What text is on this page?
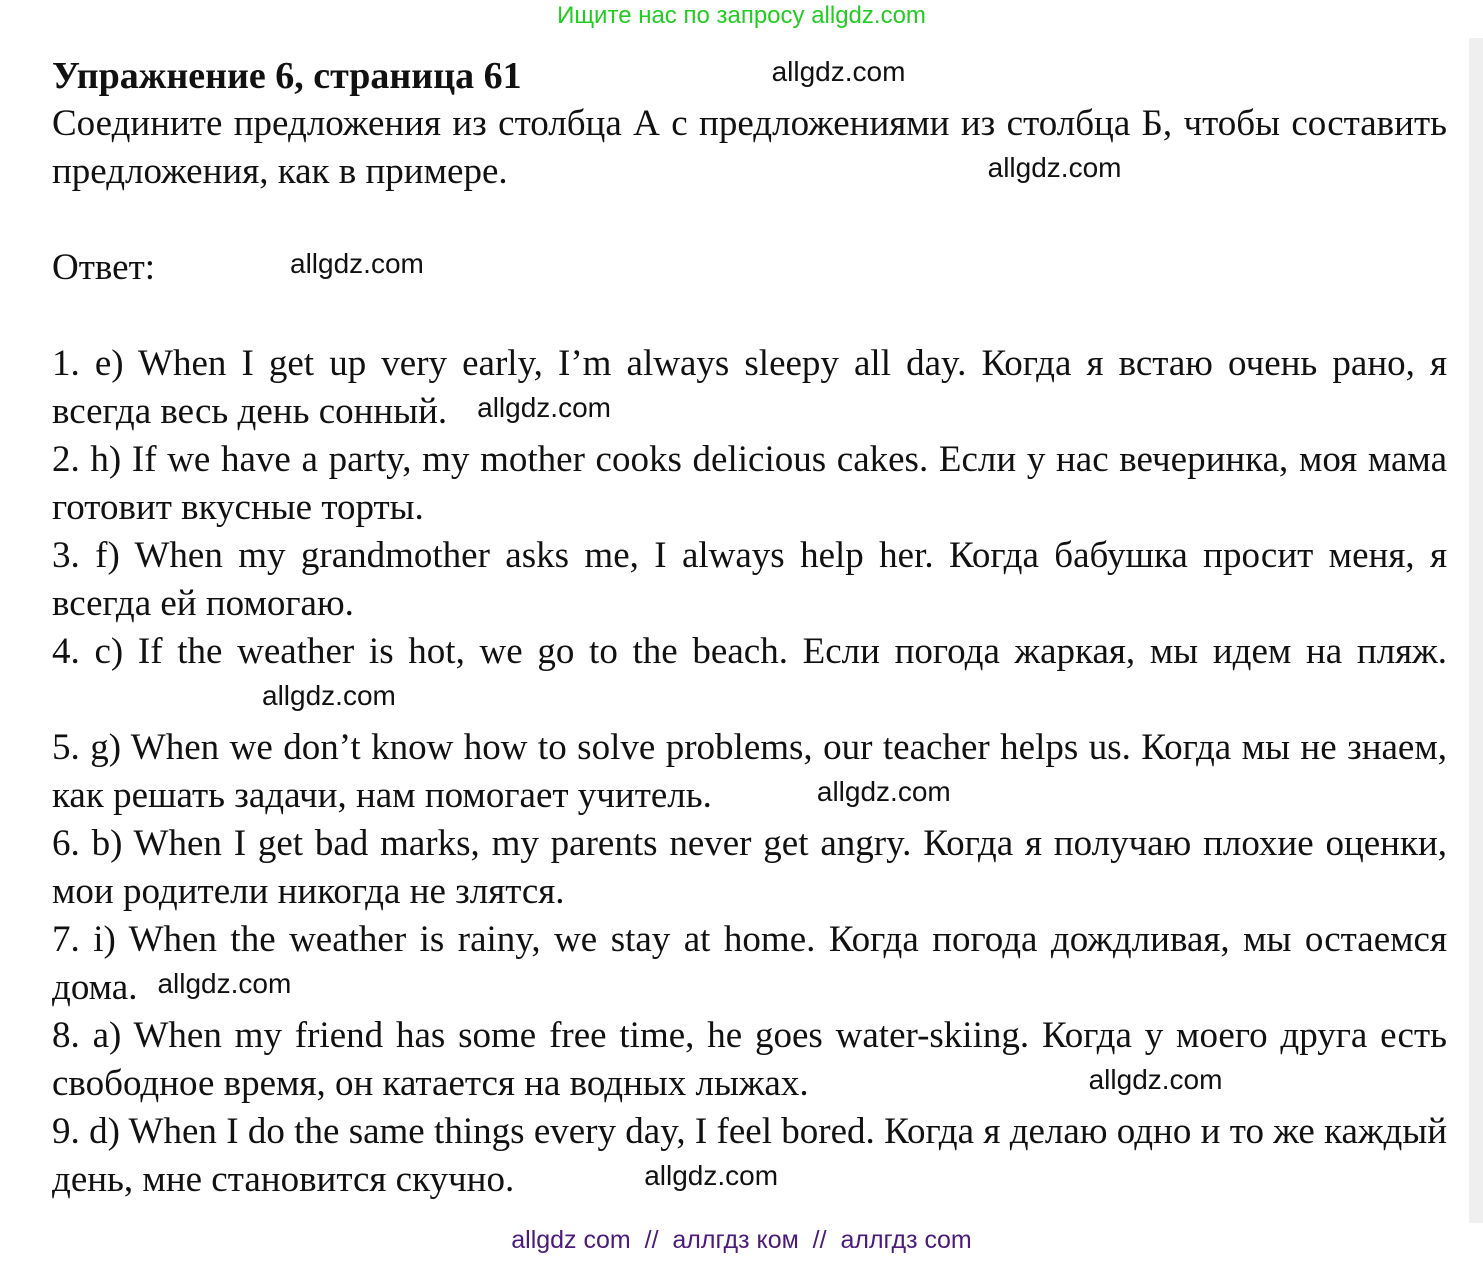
Ищите нас по запросу allgdz.com

Упражнение 6, страница 61	allgdz.com

Соедините предложения из столбца А с предложениями из столбца Б, чтобы составить предложения, как в примере.	allgdz.com

Ответ:	allgdz.com

1. e) When I get up very early, I’m always sleepy all day. Когда я встаю очень рано, я всегда весь день сонный. allgdz.com

2. h) If we have a party, my mother cooks delicious cakes. Если у нас вечеринка, моя мама готовит вкусные торты.

3. f) When my grandmother asks me, I always help her. Когда бабушка просит меня, я всегда ей помогаю.

4. c) If the weather is hot, we go to the beach. Если погода жаркая, мы идем на пляж.allgdz.com

5. g) When we don’t know how to solve problems, our teacher helps us. Когда мы не знаем, как решать задачи, нам помогает учитель.	allgdz.com

6. b) When I get bad marks, my parents never get angry. Когда я получаю плохие оценки, мои родители никогда не злятся.

7. i) When the weather is rainy, we stay at home. Когда погода дождливая, мы остаемся дома. allgdz.com

8. a) When my friend has some free time, he goes water-skiing. Когда у моего друга есть свободное время, он катается на водных лыжах.	allgdz.com

9. d) When I do the same things every day, I feel bored. Когда я делаю одно и то же каждый день, мне становится скучно.	allgdz.com

allgdz com  //  аллгдз ком  //  аллгдз com
